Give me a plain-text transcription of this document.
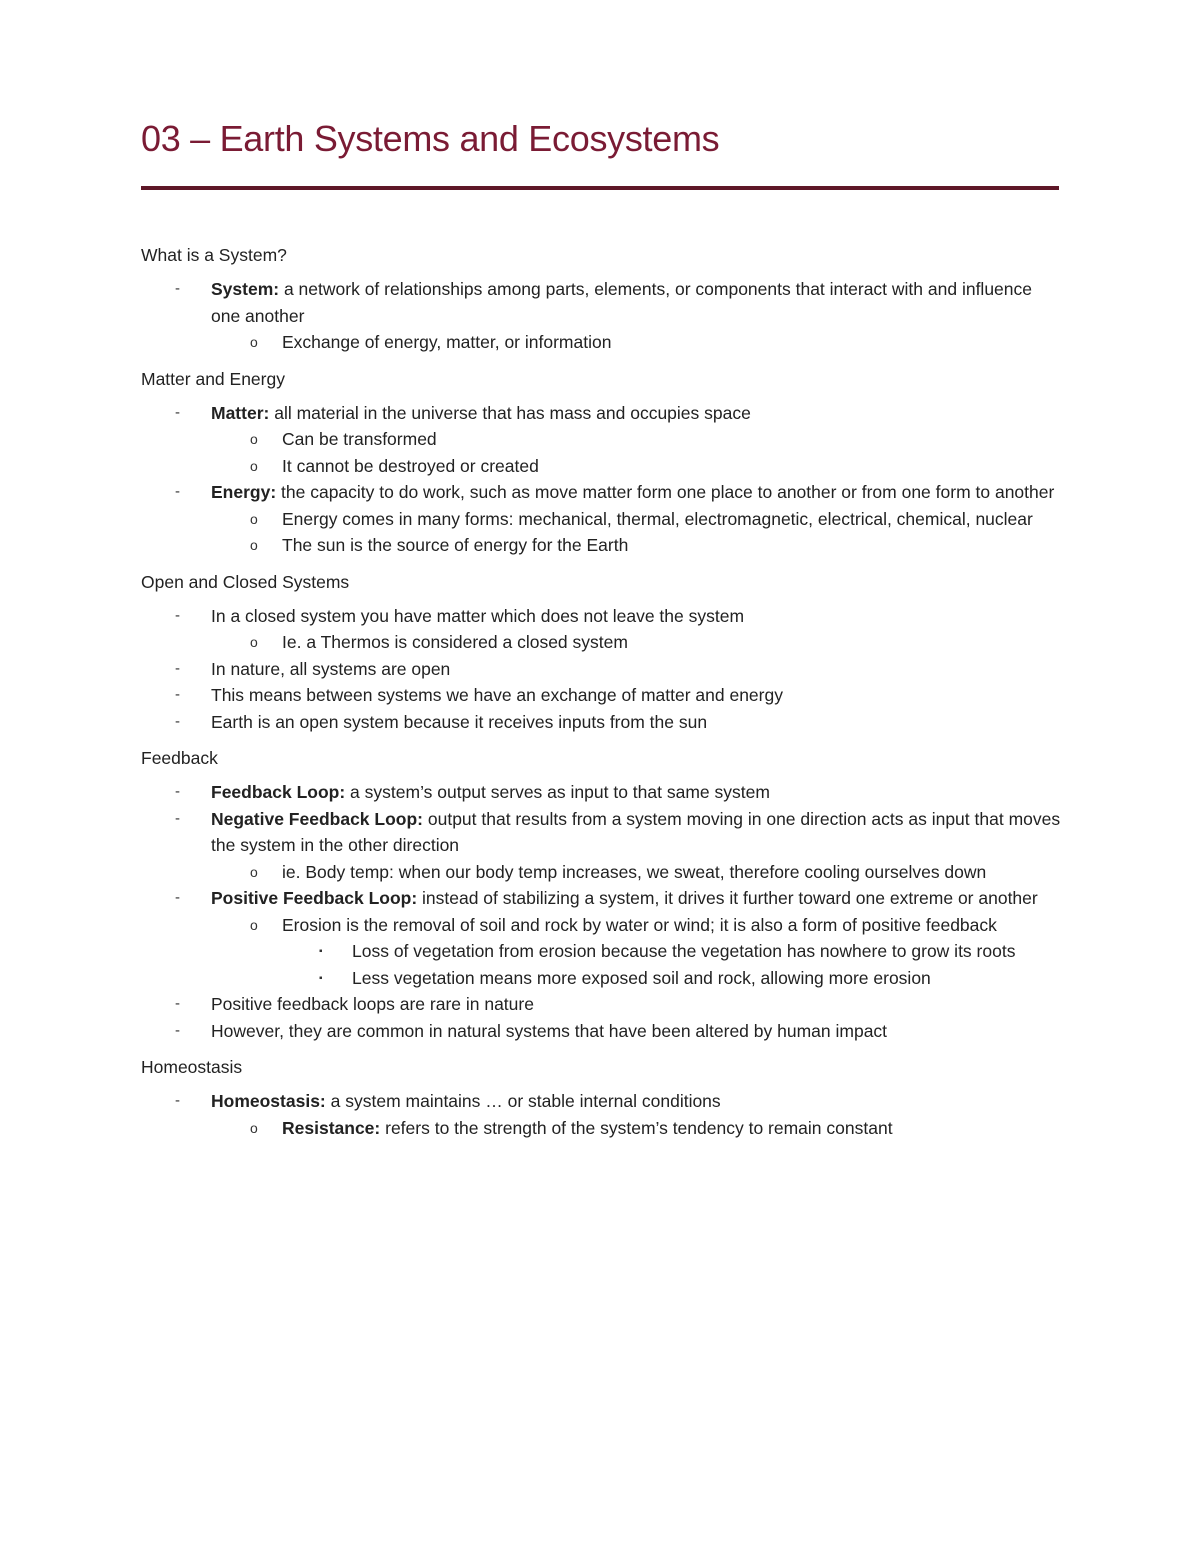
03 – Earth Systems and Ecosystems
What is a System?
- System: a network of relationships among parts, elements, or components that interact with and influence one another
o Exchange of energy, matter, or information
Matter and Energy
- Matter: all material in the universe that has mass and occupies space
o Can be transformed
o It cannot be destroyed or created
- Energy: the capacity to do work, such as move matter form one place to another or from one form to another
o Energy comes in many forms: mechanical, thermal, electromagnetic, electrical, chemical, nuclear
o The sun is the source of energy for the Earth
Open and Closed Systems
- In a closed system you have matter which does not leave the system
o Ie. a Thermos is considered a closed system
- In nature, all systems are open
- This means between systems we have an exchange of matter and energy
- Earth is an open system because it receives inputs from the sun
Feedback
- Feedback Loop: a system’s output serves as input to that same system
- Negative Feedback Loop: output that results from a system moving in one direction acts as input that moves the system in the other direction
o ie. Body temp: when our body temp increases, we sweat, therefore cooling ourselves down
- Positive Feedback Loop: instead of stabilizing a system, it drives it further toward one extreme or another
o Erosion is the removal of soil and rock by water or wind; it is also a form of positive feedback
▪ Loss of vegetation from erosion because the vegetation has nowhere to grow its roots
▪ Less vegetation means more exposed soil and rock, allowing more erosion
- Positive feedback loops are rare in nature
- However, they are common in natural systems that have been altered by human impact
Homeostasis
- Homeostasis: a system maintains … or stable internal conditions
o Resistance: refers to the strength of the system’s tendency to remain constant
